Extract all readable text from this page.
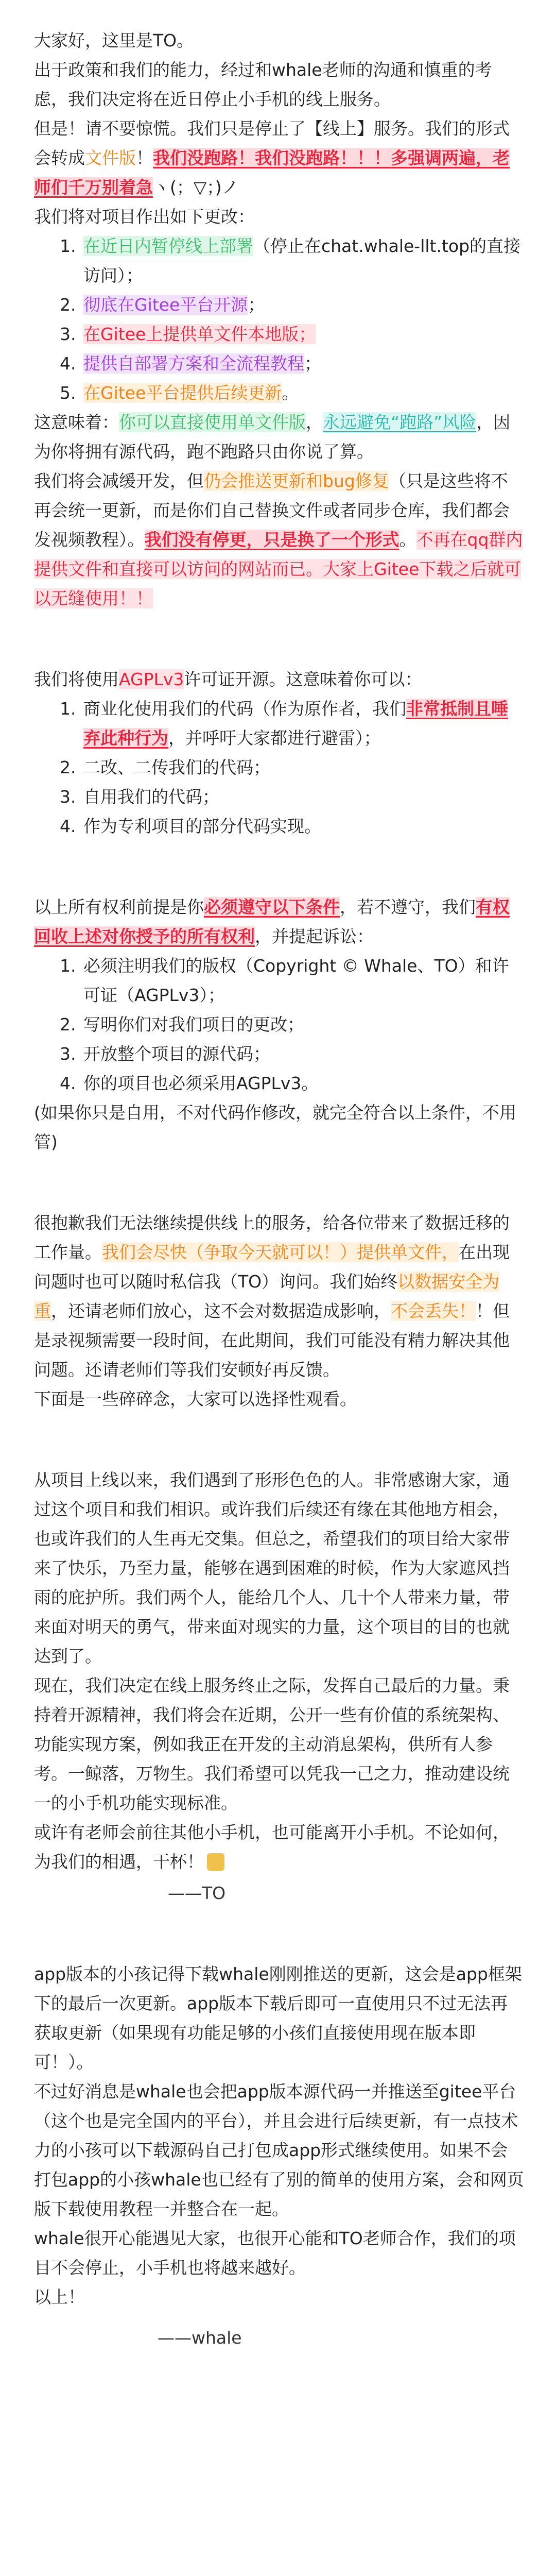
大家好，这里是TO。

出于政策和我们的能力，经过和whale老师的沟通和慎重的考虑，我们决定将在近日停止小手机的线上服务。

但是！请不要惊慌。我们只是停止了【线上】服务。我们的形式会转成文件版！我们没跑路！我们没跑路！！！多强调两遍，老师们千万别着急ヽ(；▽；)ノ

我们将对项目作出如下更改：

1. 在近日内暂停线上部署（停止在chat.whale-llt.top的直接访问）；
2. 彻底在Gitee平台开源；
3. 在Gitee上提供单文件本地版；
4. 提供自部署方案和全流程教程；
5. 在Gitee平台提供后续更新。

这意味着：你可以直接使用单文件版，永远避免“跑路”风险，因为你将拥有源代码，跑不跑路只由你说了算。

我们将会减缓开发，但仍会推送更新和bug修复（只是这些将不再会统一更新，而是你们自己替换文件或者同步仓库，我们都会发视频教程）。我们没有停更，只是换了一个形式。不再在qq群内提供文件和直接可以访问的网站而已。大家上Gitee下载之后就可以无缝使用！！

我们将使用AGPLv3许可证开源。这意味着你可以：

1. 商业化使用我们的代码（作为原作者，我们非常抵制且唾弃此种行为，并呼吁大家都进行避雷）；
2. 二改、二传我们的代码；
3. 自用我们的代码；
4. 作为专利项目的部分代码实现。

以上所有权利前提是你必须遵守以下条件，若不遵守，我们有权回收上述对你授予的所有权利，并提起诉讼：

1. 必须注明我们的版权（Copyright © Whale、TO）和许可证（AGPLv3）；
2. 写明你们对我们项目的更改；
3. 开放整个项目的源代码；
4. 你的项目也必须采用AGPLv3。

(如果你只是自用，不对代码作修改，就完全符合以上条件，不用管)

很抱歉我们无法继续提供线上的服务，给各位带来了数据迁移的工作量。我们会尽快（争取今天就可以！）提供单文件，在出现问题时也可以随时私信我（TO）询问。我们始终以数据安全为重，还请老师们放心，这不会对数据造成影响，不会丢失！！但是录视频需要一段时间，在此期间，我们可能没有精力解决其他问题。还请老师们等我们安顿好再反馈。

下面是一些碎碎念，大家可以选择性观看。

从项目上线以来，我们遇到了形形色色的人。非常感谢大家，通过这个项目和我们相识。或许我们后续还有缘在其他地方相会，也或许我们的人生再无交集。但总之，希望我们的项目给大家带来了快乐，乃至力量，能够在遇到困难的时候，作为大家遮风挡雨的庇护所。我们两个人，能给几个人、几十个人带来力量，带来面对明天的勇气，带来面对现实的力量，这个项目的目的也就达到了。

现在，我们决定在线上服务终止之际，发挥自己最后的力量。秉持着开源精神，我们将会在近期，公开一些有价值的系统架构、功能实现方案，例如我正在开发的主动消息架构，供所有人参考。一鲸落，万物生。我们希望可以凭我一己之力，推动建设统一的小手机功能实现标准。

或许有老师会前往其他小手机，也可能离开小手机。不论如何，为我们的相遇，干杯！

——TO

app版本的小孩记得下载whale刚刚推送的更新，这会是app框架下的最后一次更新。app版本下载后即可一直使用只不过无法再获取更新（如果现有功能足够的小孩们直接使用现在版本即可！）。

不过好消息是whale也会把app版本源代码一并推送至gitee平台（这个也是完全国内的平台），并且会进行后续更新，有一点技术力的小孩可以下载源码自己打包成app形式继续使用。如果不会打包app的小孩whale也已经有了别的简单的使用方案，会和网页版下载使用教程一并整合在一起。

whale很开心能遇见大家，也很开心能和TO老师合作，我们的项目不会停止，小手机也将越来越好。

以上！

——whale
